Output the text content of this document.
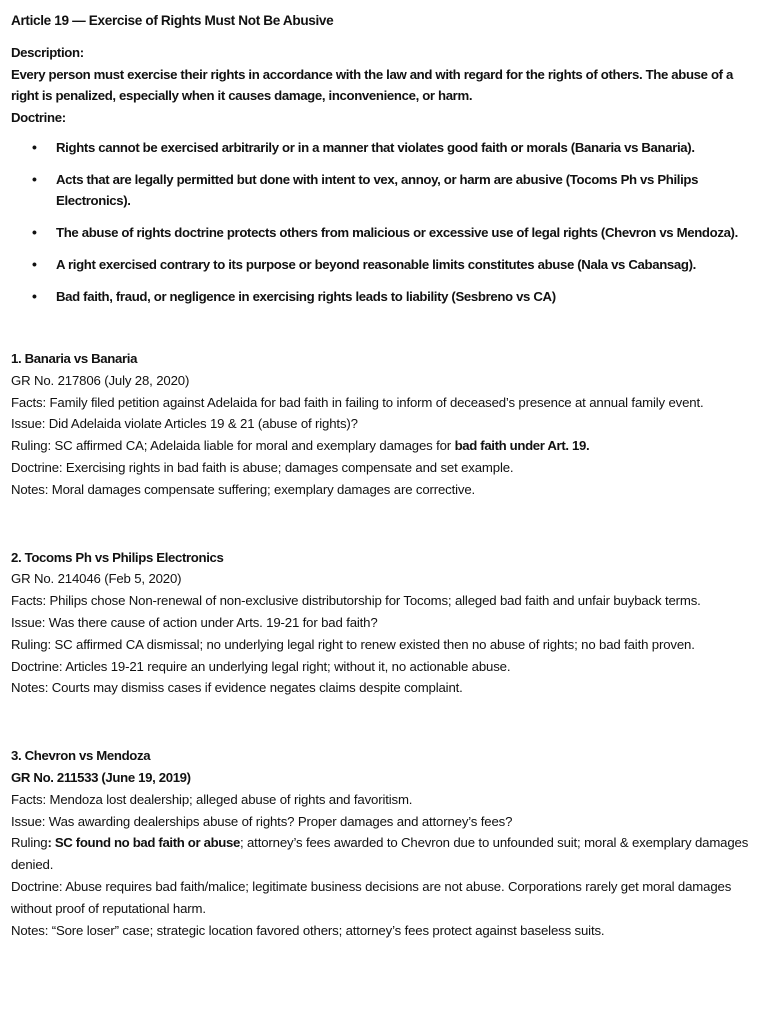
Article 19 — Exercise of Rights Must Not Be Abusive
Description:
Every person must exercise their rights in accordance with the law and with regard for the rights of others. The abuse of a right is penalized, especially when it causes damage, inconvenience, or harm.
Doctrine:
• Rights cannot be exercised arbitrarily or in a manner that violates good faith or morals (Banaria vs Banaria).
• Acts that are legally permitted but done with intent to vex, annoy, or harm are abusive (Tocoms Ph vs Philips Electronics).
• The abuse of rights doctrine protects others from malicious or excessive use of legal rights (Chevron vs Mendoza).
• A right exercised contrary to its purpose or beyond reasonable limits constitutes abuse (Nala vs Cabansag).
• Bad faith, fraud, or negligence in exercising rights leads to liability (Sesbreno vs CA)
1. Banaria vs Banaria
GR No. 217806 (July 28, 2020)
Facts: Family filed petition against Adelaida for bad faith in failing to inform of deceased’s presence at annual family event.
Issue: Did Adelaida violate Articles 19 & 21 (abuse of rights)?
Ruling: SC affirmed CA; Adelaida liable for moral and exemplary damages for bad faith under Art. 19.
Doctrine: Exercising rights in bad faith is abuse; damages compensate and set example.
Notes: Moral damages compensate suffering; exemplary damages are corrective.
2. Tocoms Ph vs Philips Electronics
GR No. 214046 (Feb 5, 2020)
Facts: Philips chose Non-renewal of non-exclusive distributorship for Tocoms; alleged bad faith and unfair buyback terms.
Issue: Was there cause of action under Arts. 19-21 for bad faith?
Ruling: SC affirmed CA dismissal; no underlying legal right to renew existed then no abuse of rights; no bad faith proven.
Doctrine: Articles 19-21 require an underlying legal right; without it, no actionable abuse.
Notes: Courts may dismiss cases if evidence negates claims despite complaint.
3. Chevron vs Mendoza
GR No. 211533 (June 19, 2019)
Facts: Mendoza lost dealership; alleged abuse of rights and favoritism.
Issue: Was awarding dealerships abuse of rights? Proper damages and attorney’s fees?
Ruling: SC found no bad faith or abuse; attorney’s fees awarded to Chevron due to unfounded suit; moral & exemplary damages denied.
Doctrine: Abuse requires bad faith/malice; legitimate business decisions are not abuse. Corporations rarely get moral damages without proof of reputational harm.
Notes: “Sore loser” case; strategic location favored others; attorney’s fees protect against baseless suits.
